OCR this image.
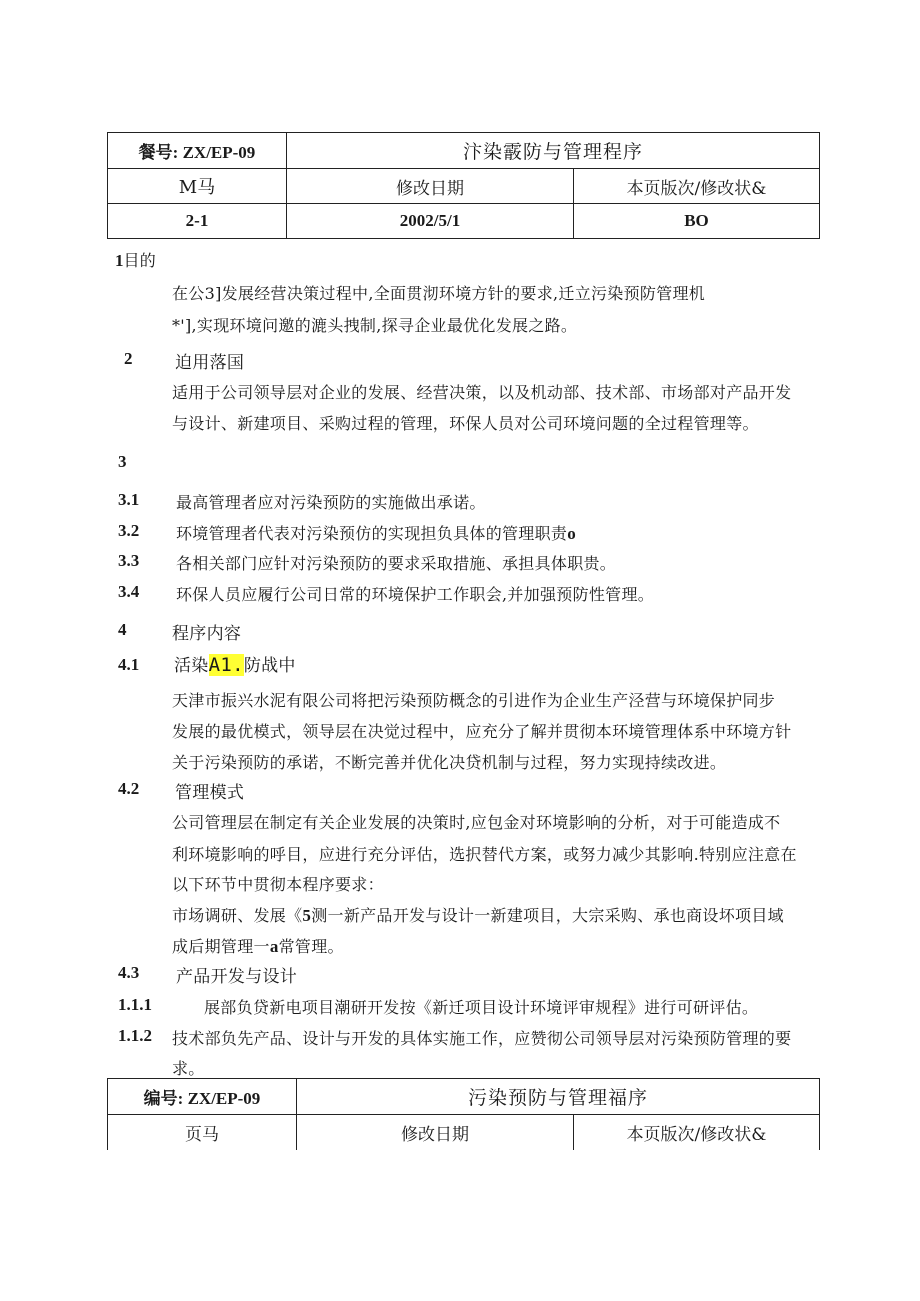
餐号: ZX/EP-09	汴染霰防与管理程序	
M马	修改日期	本页版次/修改状&
2-1	2002/5/1	BO
1目的
在公3]发展经营决策过程中,全面贯沏环境方针的要求,迁立污染预防管理机
*'],实现环境问邀的漉头拽制,探寻企业最优化发展之路。
2	迫用落国
适用于公司领导层对企业的发展、经营决策，以及机动部、技术部、市场部对产品开发
与设计、新建项目、采购过程的管理，环保人员对公司环境问题的全过程管理等。
3
3.1 最高管理者应对污染预防的实施做出承诺。
3.2 环境管理者代表对污染预仿的实现担负具体的管理职责o
3.3 各相关部门应针对污染预防的要求采取措施、承担具体职贵。
3.4 环保人员应履行公司日常的环境保护工作职会,并加强预防性管理。
4	程序内容
4.1 活染A1.防战中
天津市振兴水泥有限公司将把污染预防概念的引进作为企业生产泾营与环境保护同步
发展的最优模式，领导层在决觉过程中，应充分了解并贯彻本环境管理体系中环境方针
关于污染预防的承诺，不断完善并优化决贷机制与过程，努力实现持续改进。
4.2 管理模式
公司管理层在制定有关企业发展的决策时,应包金对环境影响的分析，对于可能造成不
利环境影响的呼目，应进行充分评估，选択替代方案，或努力减少其影响.特别应注意在
以下环节中贯彻本程序要求：
市场调研、发展《5测一新产品开发与设计一新建项目，大宗采购、承也商设坏项目域
成后期管理一a常管理。
4.3 产品开发与设计
1.1.1	展部负贷新电项目潮研开发按《新迁项目设计环境评审规程》进行可研评估。
1.1.2 技术部负先产品、设计与开发的具体实施工作，应赞彻公司领导层对污染预防管理的要
求。
编号: ZX/EP-09	污染预防与管理福序	
页马	修改日期	本页版次/修改状&
